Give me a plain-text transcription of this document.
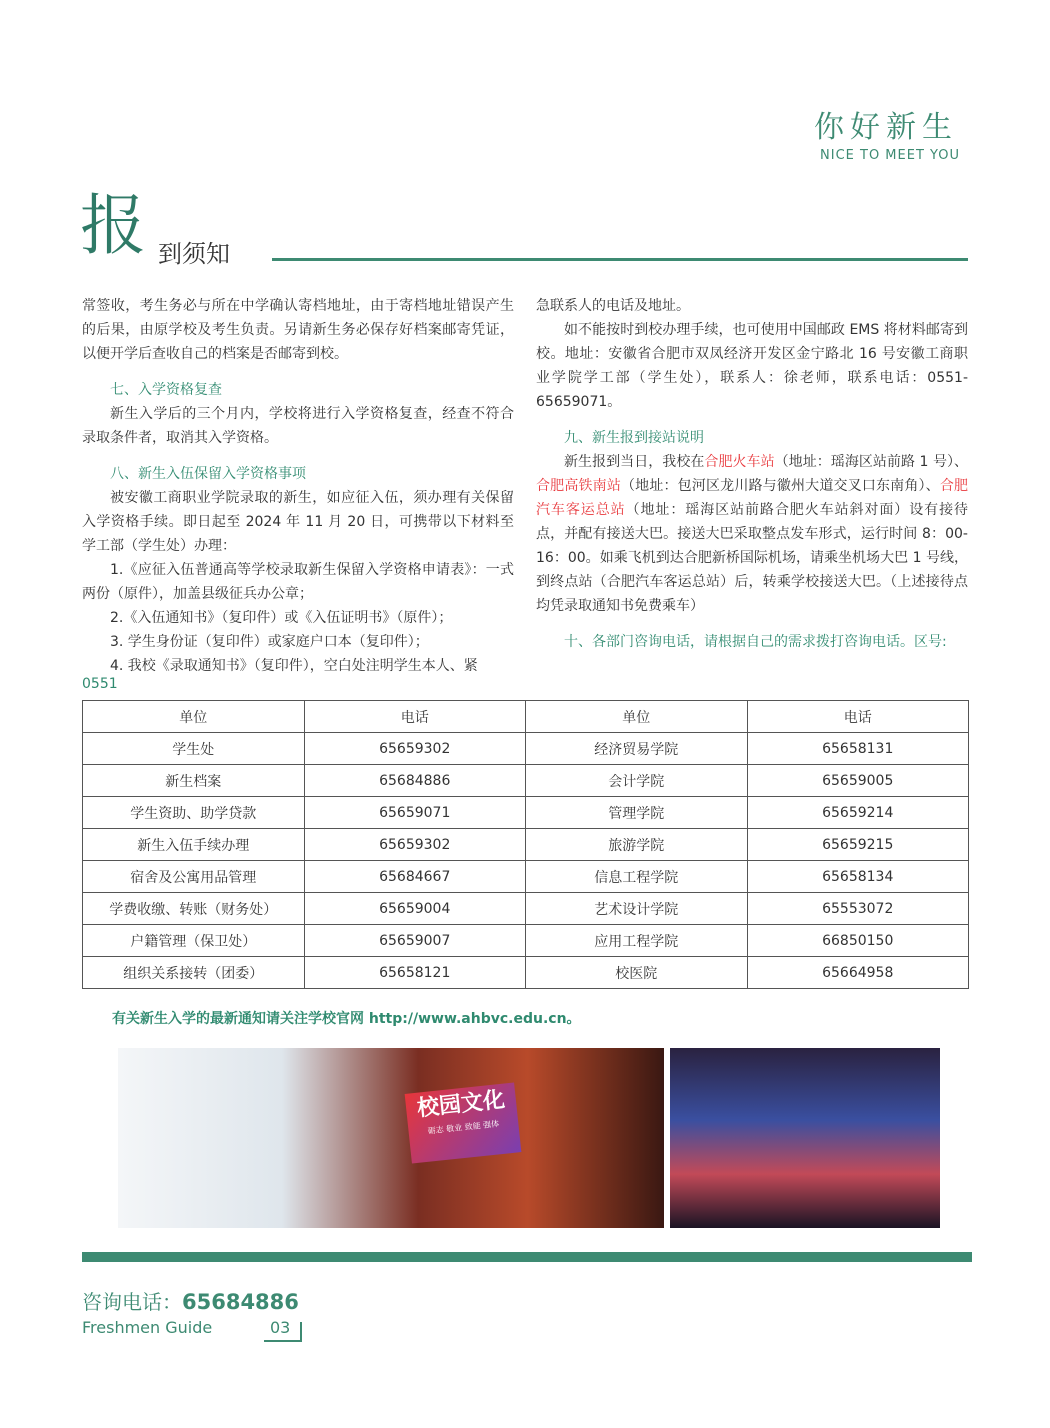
你好新生
NICE TO MEET YOU
报 到须知

常签收，考生务必与所在中学确认寄档地址，由于寄档地址错误产生的后果，由原学校及考生负责。另请新生务必保存好档案邮寄凭证，以便开学后查收自己的档案是否邮寄到校。

七、入学资格复查

新生入学后的三个月内，学校将进行入学资格复查，经查不符合录取条件者，取消其入学资格。

八、新生入伍保留入学资格事项

被安徽工商职业学院录取的新生，如应征入伍，须办理有关保留入学资格手续。即日起至 2024 年 11 月 20 日，可携带以下材料至学工部（学生处）办理：

1.《应征入伍普通高等学校录取新生保留入学资格申请表》：一式两份（原件），加盖县级征兵办公章；

2.《入伍通知书》（复印件）或《入伍证明书》（原件）；

3. 学生身份证（复印件）或家庭户口本（复印件）；

4. 我校《录取通知书》（复印件），空白处注明学生本人、紧

急联系人的电话及地址。

如不能按时到校办理手续，也可使用中国邮政 EMS 将材料邮寄到校。地址：安徽省合肥市双凤经济开发区金宁路北 16 号安徽工商职业学院学工部（学生处），联系人：徐老师，联系电话：0551-65659071。

九、新生报到接站说明

新生报到当日，我校在合肥火车站（地址：瑶海区站前路 1 号）、合肥高铁南站（地址：包河区龙川路与徽州大道交叉口东南角）、合肥汽车客运总站（地址：瑶海区站前路合肥火车站斜对面）设有接待点，并配有接送大巴。接送大巴采取整点发车形式，运行时间 8：00-16：00。如乘飞机到达合肥新桥国际机场，请乘坐机场大巴 1 号线，到终点站（合肥汽车客运总站）后，转乘学校接送大巴。（上述接待点均凭录取通知书免费乘车）

十、各部门咨询电话，请根据自己的需求拨打咨询电话。区号:

0551
单位	电话	单位	电话
学生处	65659302	经济贸易学院	65658131
新生档案	65684886	会计学院	65659005
学生资助、助学贷款	65659071	管理学院	65659214
新生入伍手续办理	65659302	旅游学院	65659215
宿舍及公寓用品管理	65684667	信息工程学院	65658134
学费收缴、转账（财务处）	65659004	艺术设计学院	65553072
户籍管理（保卫处）	65659007	应用工程学院	66850150
组织关系接转（团委）	65658121	校医院	65664958
有关新生入学的最新通知请关注学校官网 http://www.ahbvc.edu.cn。
校园文化
砺志 敬业 致能 强体
咨询电话：65684886
Freshmen Guide	03
